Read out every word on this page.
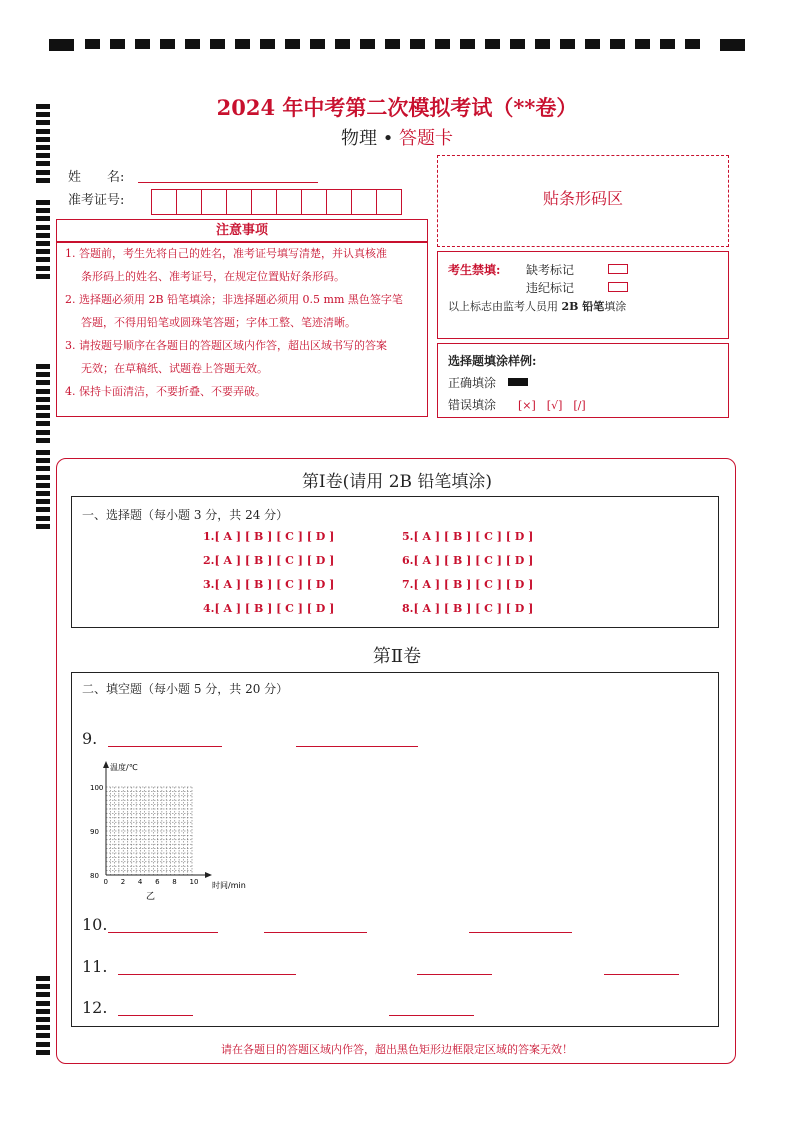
2024 年中考第二次模拟考试（**卷）
物理 • 答题卡
姓　　名:
准考证号:	贴条形码区
注意事项

1. 答题前，考生先将自己的姓名，准考证号填写清楚，并认真核准

条形码上的姓名、准考证号，在规定位置贴好条形码。

2. 选择题必须用 2B 铅笔填涂；非选择题必须用 0.5 mm 黑色签字笔

答题，不得用铅笔或圆珠笔答题；字体工整、笔迹清晰。

3. 请按题号顺序在各题目的答题区域内作答，超出区域书写的答案

无效；在草稿纸、试题卷上答题无效。

4. 保持卡面清洁，不要折叠、不要弄破。

考生禁填: 缺考标记
违纪标记
以上标志由监考人员用 2B 铅笔填涂
选择题填涂样例:
正确填涂
错误填涂 [×]　[√]　[/]
第Ⅰ卷(请用 2B 铅笔填涂)
一、选择题（每小题 3 分，共 24 分）
1.[ A ] [ B ] [ C ] [ D ]
2.[ A ] [ B ] [ C ] [ D ]
3.[ A ] [ B ] [ C ] [ D ]
4.[ A ] [ B ] [ C ] [ D ]
5.[ A ] [ B ] [ C ] [ D ]
6.[ A ] [ B ] [ C ] [ D ]
7.[ A ] [ B ] [ C ] [ D ]
8.[ A ] [ B ] [ C ] [ D ]
第Ⅱ卷
二、填空题（每小题 5 分，共 20 分）
9.
温度/℃
时间/min
乙
0 2 4 6 8 10
80
90
100
10.
11.
12.
请在各题目的答题区域内作答，超出黑色矩形边框限定区域的答案无效！
